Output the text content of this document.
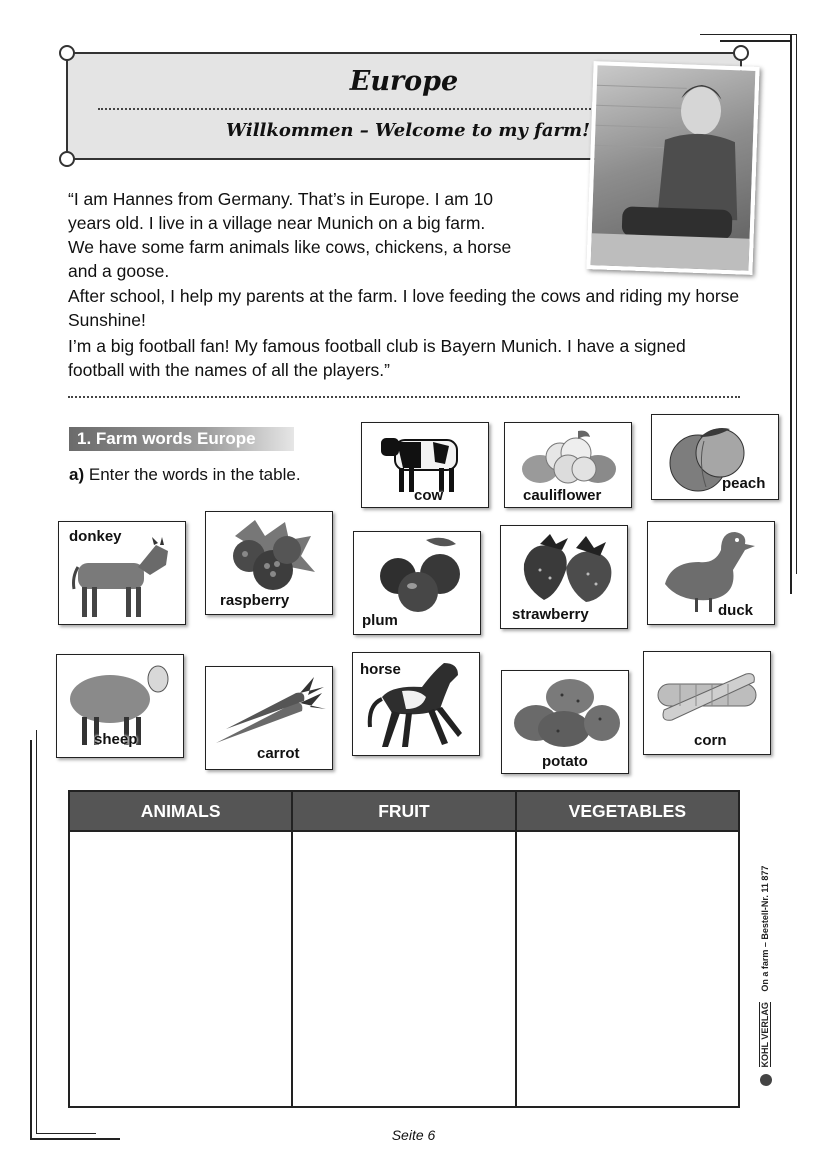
Europe
Willkommen – Welcome to my farm!

“I am Hannes from Germany. That’s in Europe. I am 10
years old. I live in a village near Munich on a big farm.
We have some farm animals like cows, chickens, a horse
and a goose.

After school, I help my parents at the farm. I love feeding the cows and riding my horse Sunshine!

I’m a big football fan! My famous football club is Bayern Munich. I have a signed football with the names of all the players.”

1. Farm words Europe
a) Enter the words in the table.
cow	cauliflower
peach
donkey
raspberry
plum	strawberry	duck
sheep
carrot
horse
potato
corn
ANIMALS	FRUIT	VEGETABLES

KOHL VERLAG On a farm – Bestell-Nr. 11 877
Seite 6
